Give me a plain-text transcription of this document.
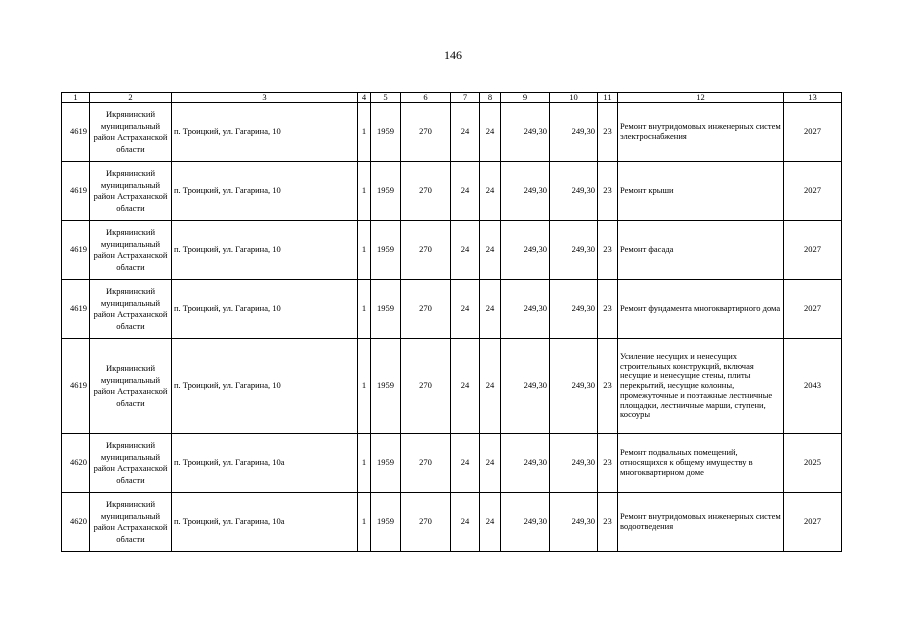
146
1	2	3	4	5	6	7	8	9	10	11	12	13
4619	Икрянинский муниципальный район Астраханской области	п. Троицкий, ул. Гагарина, 10	1	1959	270	24	24	249,30	249,30	23	Ремонт внутридомовых инженерных систем электроснабжения	2027
4619	Икрянинский муниципальный район Астраханской области	п. Троицкий, ул. Гагарина, 10	1	1959	270	24	24	249,30	249,30	23	Ремонт крыши	2027
4619	Икрянинский муниципальный район Астраханской области	п. Троицкий, ул. Гагарина, 10	1	1959	270	24	24	249,30	249,30	23	Ремонт фасада	2027
4619	Икрянинский муниципальный район Астраханской области	п. Троицкий, ул. Гагарина, 10	1	1959	270	24	24	249,30	249,30	23	Ремонт фундамента многоквартирного дома	2027
4619	Икрянинский муниципальный район Астраханской области	п. Троицкий, ул. Гагарина, 10	1	1959	270	24	24	249,30	249,30	23	Усиление несущих и ненесущих строительных конструкций, включая несущие и ненесущие стены, плиты перекрытий, несущие колонны, промежуточные и поэтажные лестничные площадки, лестничные марши, ступени, косоуры	2043
4620	Икрянинский муниципальный район Астраханской области	п. Троицкий, ул. Гагарина, 10а	1	1959	270	24	24	249,30	249,30	23	Ремонт подвальных помещений, относящихся к общему имуществу в многоквартирном доме	2025
4620	Икрянинский муниципальный район Астраханской области	п. Троицкий, ул. Гагарина, 10а	1	1959	270	24	24	249,30	249,30	23	Ремонт внутридомовых инженерных систем водоотведения	2027
